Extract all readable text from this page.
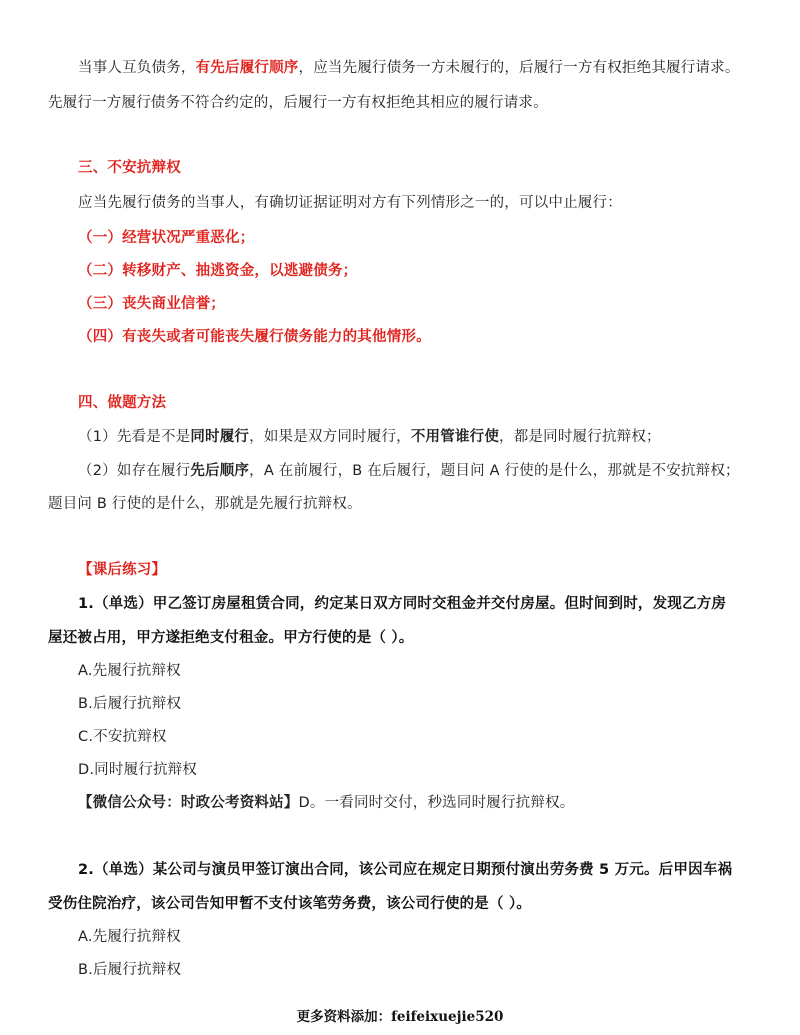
当事人互负债务，有先后履行顺序，应当先履行债务一方未履行的，后履行一方有权拒绝其履行请求。
先履行一方履行债务不符合约定的，后履行一方有权拒绝其相应的履行请求。
三、不安抗辩权
应当先履行债务的当事人，有确切证据证明对方有下列情形之一的，可以中止履行：
（一）经营状况严重恶化；
（二）转移财产、抽逃资金，以逃避债务；
（三）丧失商业信誉；
（四）有丧失或者可能丧失履行债务能力的其他情形。
四、做题方法
（1）先看是不是同时履行，如果是双方同时履行，不用管谁行使，都是同时履行抗辩权；
（2）如存在履行先后顺序，A 在前履行，B 在后履行，题目问 A 行使的是什么，那就是不安抗辩权；
题目问 B 行使的是什么，那就是先履行抗辩权。
【课后练习】
1.（单选）甲乙签订房屋租赁合同，约定某日双方同时交租金并交付房屋。但时间到时，发现乙方房
屋还被占用，甲方遂拒绝支付租金。甲方行使的是（ ）。
A.先履行抗辩权
B.后履行抗辩权
C.不安抗辩权
D.同时履行抗辩权
【微信公众号：时政公考资料站】D。一看同时交付，秒选同时履行抗辩权。
2.（单选）某公司与演员甲签订演出合同，该公司应在规定日期预付演出劳务费 5 万元。后甲因车祸
受伤住院治疗，该公司告知甲暂不支付该笔劳务费，该公司行使的是（ ）。
A.先履行抗辩权
B.后履行抗辩权
更多资料添加：feifeixuejie520
